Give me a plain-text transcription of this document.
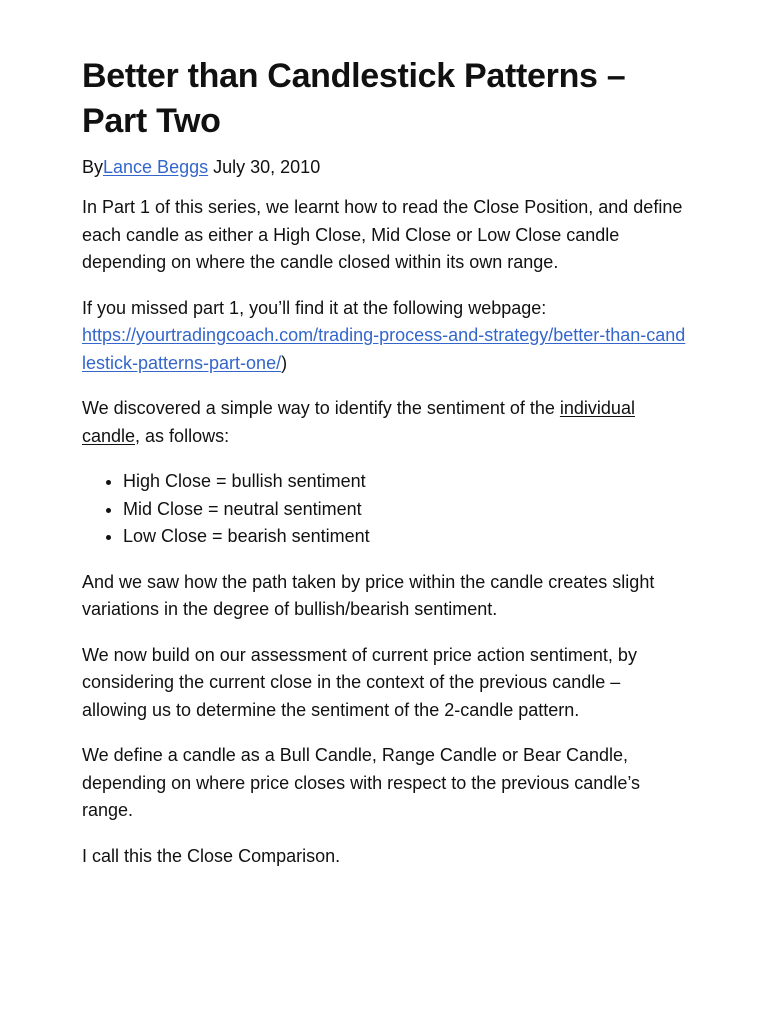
Better than Candlestick Patterns – Part Two
ByLance Beggs July 30, 2010

In Part 1 of this series, we learnt how to read the Close Position, and define each candle as either a High Close, Mid Close or Low Close candle depending on where the candle closed within its own range.

If you missed part 1, you’ll find it at the following webpage:
https://yourtradingcoach.com/trading-process-and-strategy/better-than-candlestick-patterns-part-one/)

We discovered a simple way to identify the sentiment of the individual candle, as follows:

• High Close = bullish sentiment
• Mid Close = neutral sentiment
• Low Close = bearish sentiment

And we saw how the path taken by price within the candle creates slight variations in the degree of bullish/bearish sentiment.

We now build on our assessment of current price action sentiment, by considering the current close in the context of the previous candle – allowing us to determine the sentiment of the 2-candle pattern.

We define a candle as a Bull Candle, Range Candle or Bear Candle, depending on where price closes with respect to the previous candle’s range.

I call this the Close Comparison.
